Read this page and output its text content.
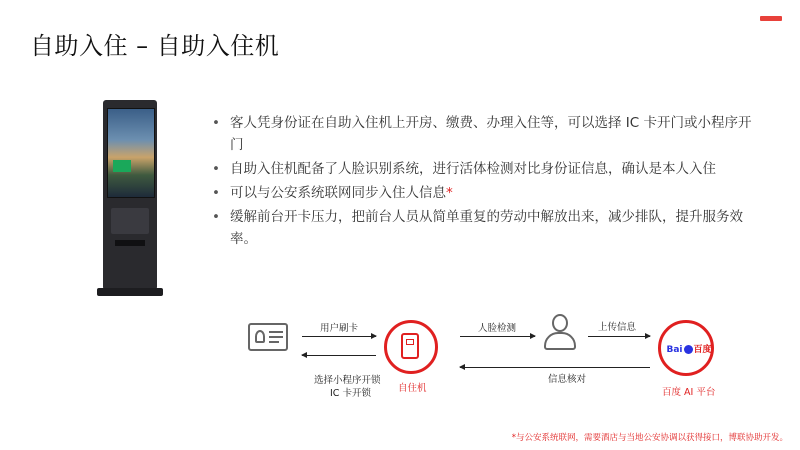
自助入住 – 自助入住机
• 客人凭身份证在自助入住机上开房、缴费、办理入住等，可以选择 IC 卡开门或小程序开门
• 自助入住机配备了人脸识别系统，进行活体检测对比身份证信息，确认是本人入住
• 可以与公安系统联网同步入住人信息*
• 缓解前台开卡压力，把前台人员从简单重复的劳动中解放出来，减少排队，提升服务效率。
用户刷卡
选择小程序开锁
IC 卡开锁	自住机
人脸检测	上传信息
信息核对
Bai 百度
百度 AI 平台
*与公安系统联网，需要酒店与当地公安协调以获得接口，博联协助开发。
